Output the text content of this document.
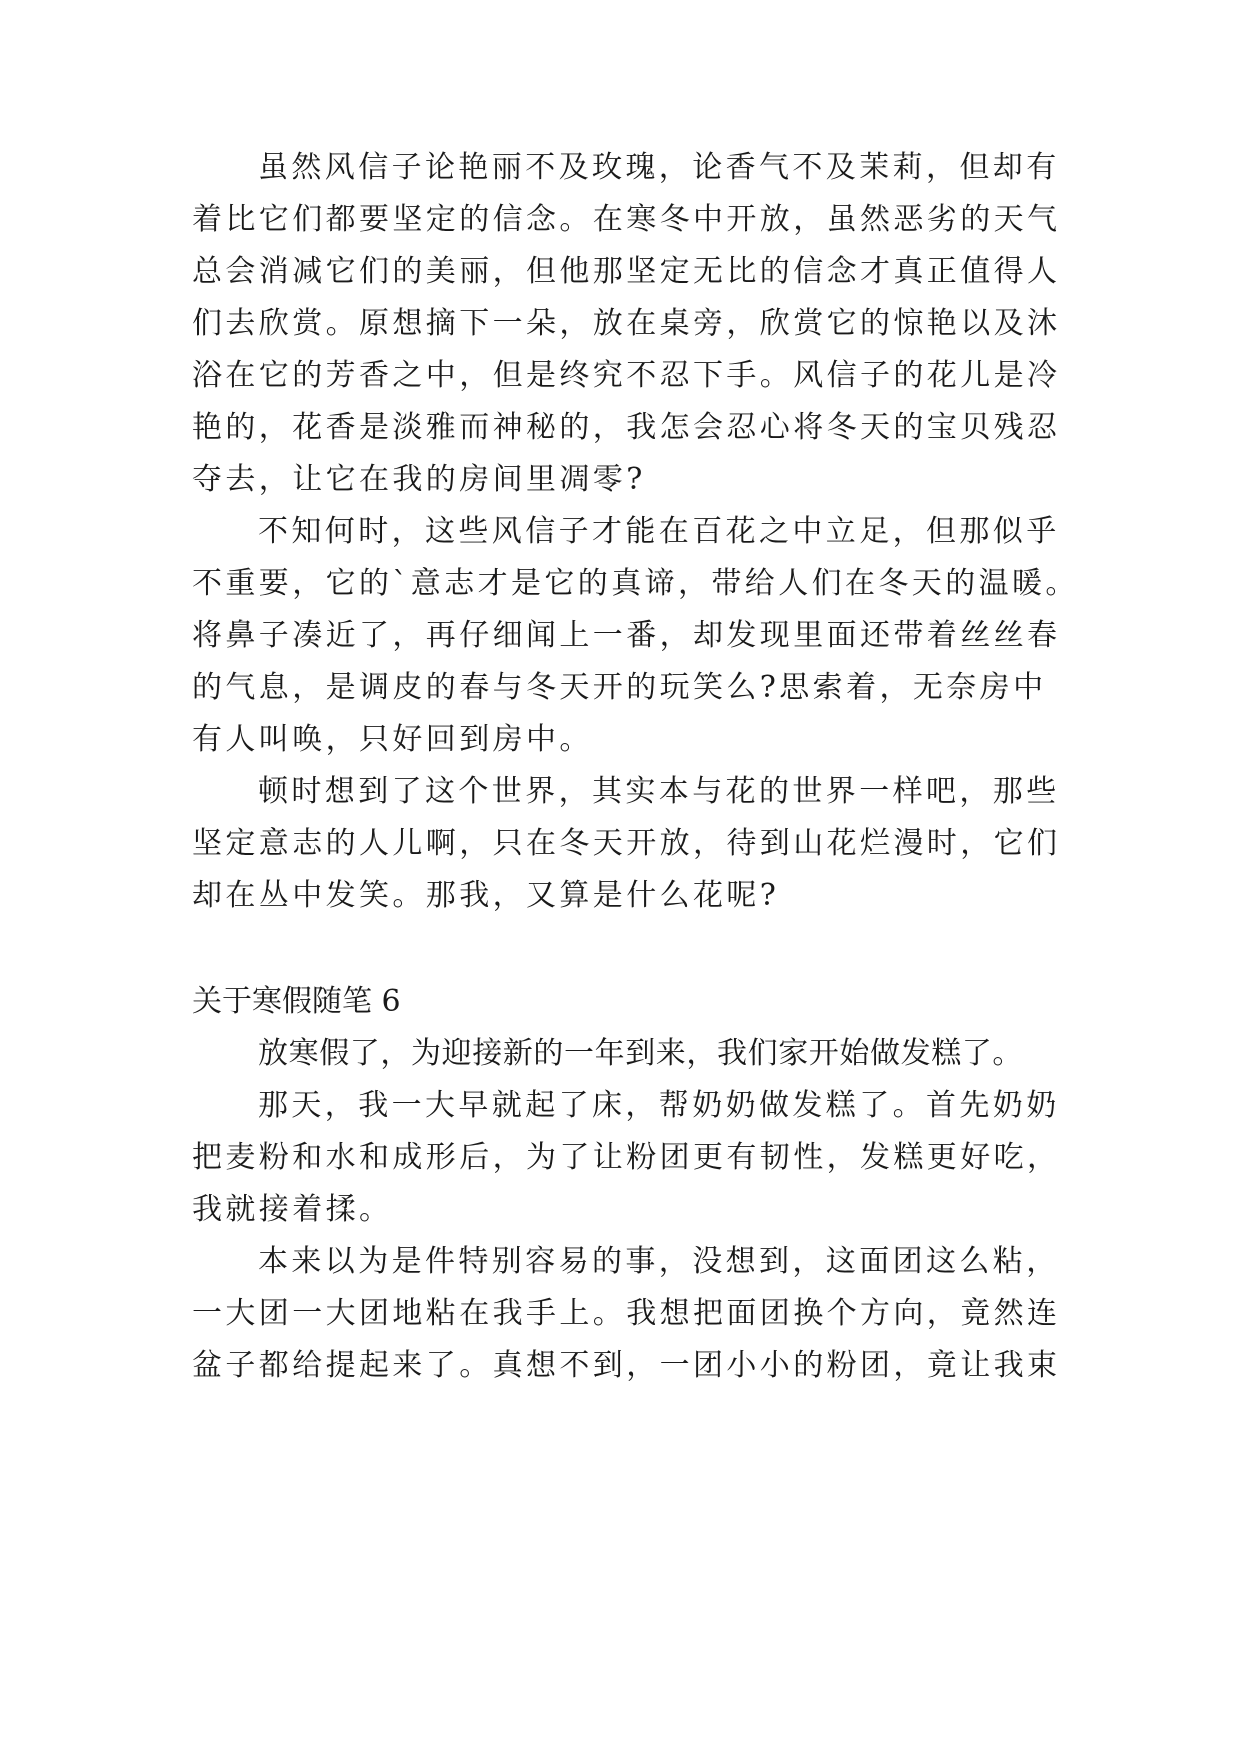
虽然风信子论艳丽不及玫瑰，论香气不及茉莉，但却有
着比它们都要坚定的信念。在寒冬中开放，虽然恶劣的天气
总会消减它们的美丽，但他那坚定无比的信念才真正值得人
们去欣赏。原想摘下一朵，放在桌旁，欣赏它的惊艳以及沐
浴在它的芳香之中，但是终究不忍下手。风信子的花儿是冷
艳的，花香是淡雅而神秘的，我怎会忍心将冬天的宝贝残忍
夺去，让它在我的房间里凋零?
不知何时，这些风信子才能在百花之中立足，但那似乎
不重要，它的`意志才是它的真谛，带给人们在冬天的温暖。
将鼻子凑近了，再仔细闻上一番，却发现里面还带着丝丝春
的气息，是调皮的春与冬天开的玩笑么?思索着，无奈房中
有人叫唤，只好回到房中。
顿时想到了这个世界，其实本与花的世界一样吧，那些
坚定意志的人儿啊，只在冬天开放，待到山花烂漫时，它们
却在丛中发笑。那我，又算是什么花呢?
关于寒假随笔 6
放寒假了，为迎接新的一年到来，我们家开始做发糕了。
那天，我一大早就起了床，帮奶奶做发糕了。首先奶奶
把麦粉和水和成形后，为了让粉团更有韧性，发糕更好吃，
我就接着揉。
本来以为是件特别容易的事，没想到，这面团这么粘，
一大团一大团地粘在我手上。我想把面团换个方向，竟然连
盆子都给提起来了。真想不到，一团小小的粉团，竟让我束
